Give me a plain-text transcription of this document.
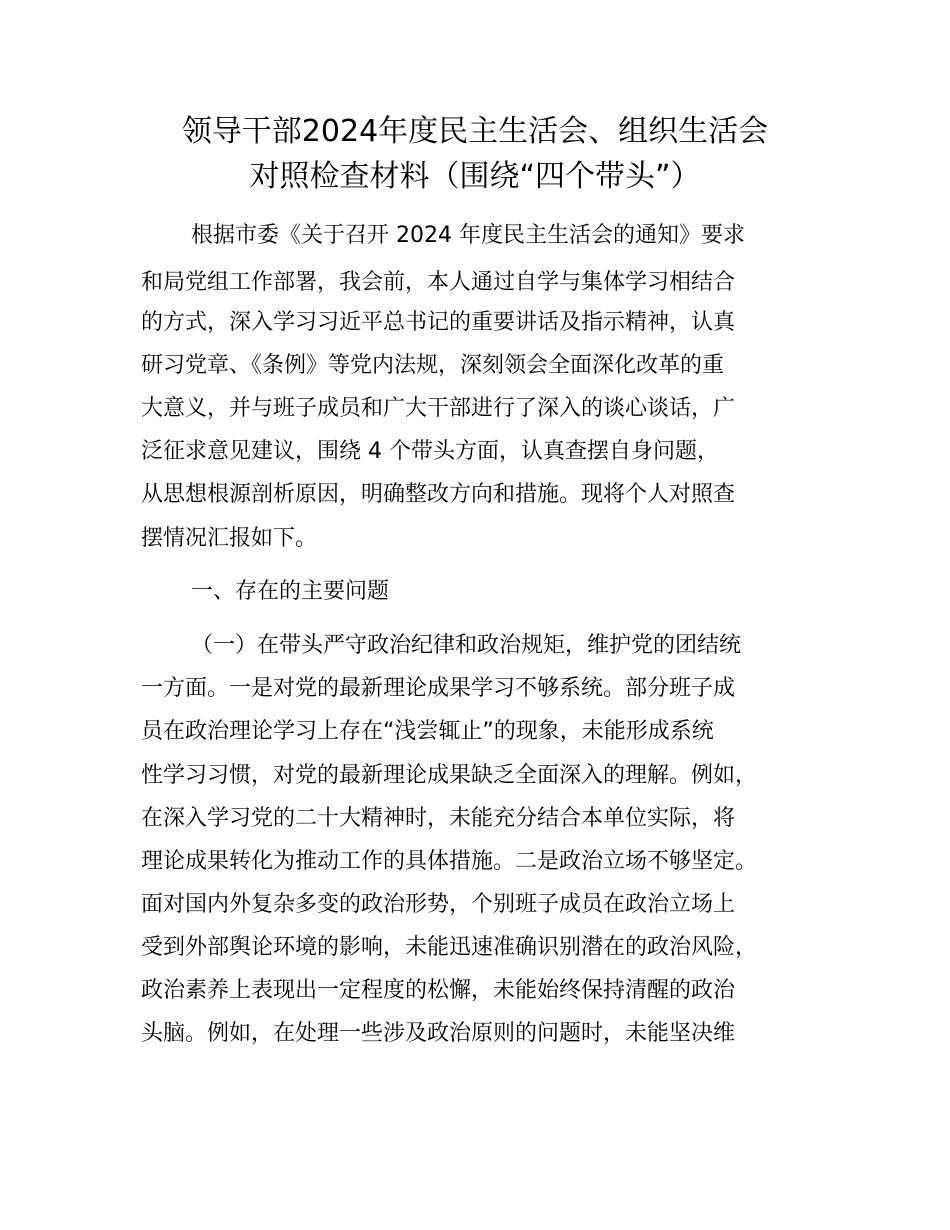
领导干部2024年度民主生活会、组织生活会
对照检查材料（围绕“四个带头”）

根据市委《关于召开 2024 年度民主生活会的通知》要求

和局党组工作部署，我会前，本人通过自学与集体学习相结合

的方式，深入学习习近平总书记的重要讲话及指示精神，认真

研习党章、《条例》等党内法规，深刻领会全面深化改革的重

大意义，并与班子成员和广大干部进行了深入的谈心谈话，广

泛征求意见建议，围绕 4 个带头方面，认真查摆自身问题，

从思想根源剖析原因，明确整改方向和措施。现将个人对照查

摆情况汇报如下。

一、存在的主要问题

（一）在带头严守政治纪律和政治规矩，维护党的团结统

一方面。一是对党的最新理论成果学习不够系统。部分班子成

员在政治理论学习上存在“浅尝辄止”的现象，未能形成系统

性学习习惯，对党的最新理论成果缺乏全面深入的理解。例如，

在深入学习党的二十大精神时，未能充分结合本单位实际，将

理论成果转化为推动工作的具体措施。二是政治立场不够坚定。

面对国内外复杂多变的政治形势，个别班子成员在政治立场上

受到外部舆论环境的影响，未能迅速准确识别潜在的政治风险，

政治素养上表现出一定程度的松懈，未能始终保持清醒的政治

头脑。例如，在处理一些涉及政治原则的问题时，未能坚决维
